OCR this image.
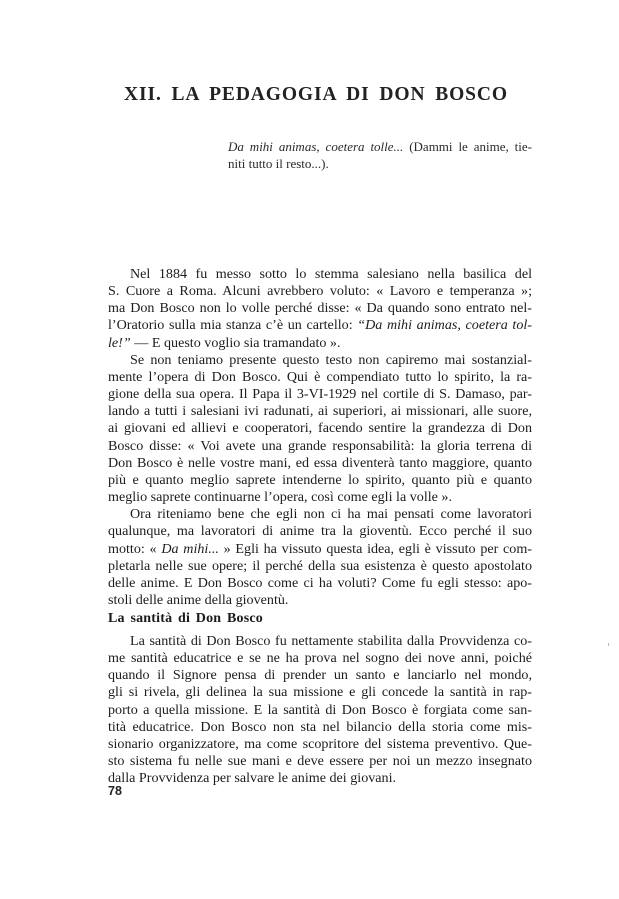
XII. LA PEDAGOGIA DI DON BOSCO
Da mihi animas, coetera tolle... (Dammi le anime, tie-
niti tutto il resto...).
Nel 1884 fu messo sotto lo stemma salesiano nella basilica del
S. Cuore a Roma. Alcuni avrebbero voluto: « Lavoro e temperanza »;
ma Don Bosco non lo volle perché disse: « Da quando sono entrato nel-
l’Oratorio sulla mia stanza c’è un cartello: “Da mihi animas, coetera tol-
le!” — E questo voglio sia tramandato ».
Se non teniamo presente questo testo non capiremo mai sostanzial-
mente l’opera di Don Bosco. Qui è compendiato tutto lo spirito, la ra-
gione della sua opera. Il Papa il 3-VI-1929 nel cortile di S. Damaso, par-
lando a tutti i salesiani ivi radunati, ai superiori, ai missionari, alle suore,
ai giovani ed allievi e cooperatori, facendo sentire la grandezza di Don
Bosco disse: « Voi avete una grande responsabilità: la gloria terrena di
Don Bosco è nelle vostre mani, ed essa diventerà tanto maggiore, quanto
più e quanto meglio saprete intenderne lo spirito, quanto più e quanto
meglio saprete continuarne l’opera, così come egli la volle ».
Ora riteniamo bene che egli non ci ha mai pensati come lavoratori
qualunque, ma lavoratori di anime tra la gioventù. Ecco perché il suo
motto: « Da mihi... » Egli ha vissuto questa idea, egli è vissuto per com-
pletarla nelle sue opere; il perché della sua esistenza è questo apostolato
delle anime. E Don Bosco come ci ha voluti? Come fu egli stesso: apo-
stoli delle anime della gioventù.
La santità di Don Bosco
La santità di Don Bosco fu nettamente stabilita dalla Provvidenza co-
me santità educatrice e se ne ha prova nel sogno dei nove anni, poiché
quando il Signore pensa di prender un santo e lanciarlo nel mondo,
gli si rivela, gli delinea la sua missione e gli concede la santità in rap-
porto a quella missione. E la santità di Don Bosco è forgiata come san-
tità educatrice. Don Bosco non sta nel bilancio della storia come mis-
sionario organizzatore, ma come scopritore del sistema preventivo. Que-
sto sistema fu nelle sue mani e deve essere per noi un mezzo insegnato
dalla Provvidenza per salvare le anime dei giovani.
78
